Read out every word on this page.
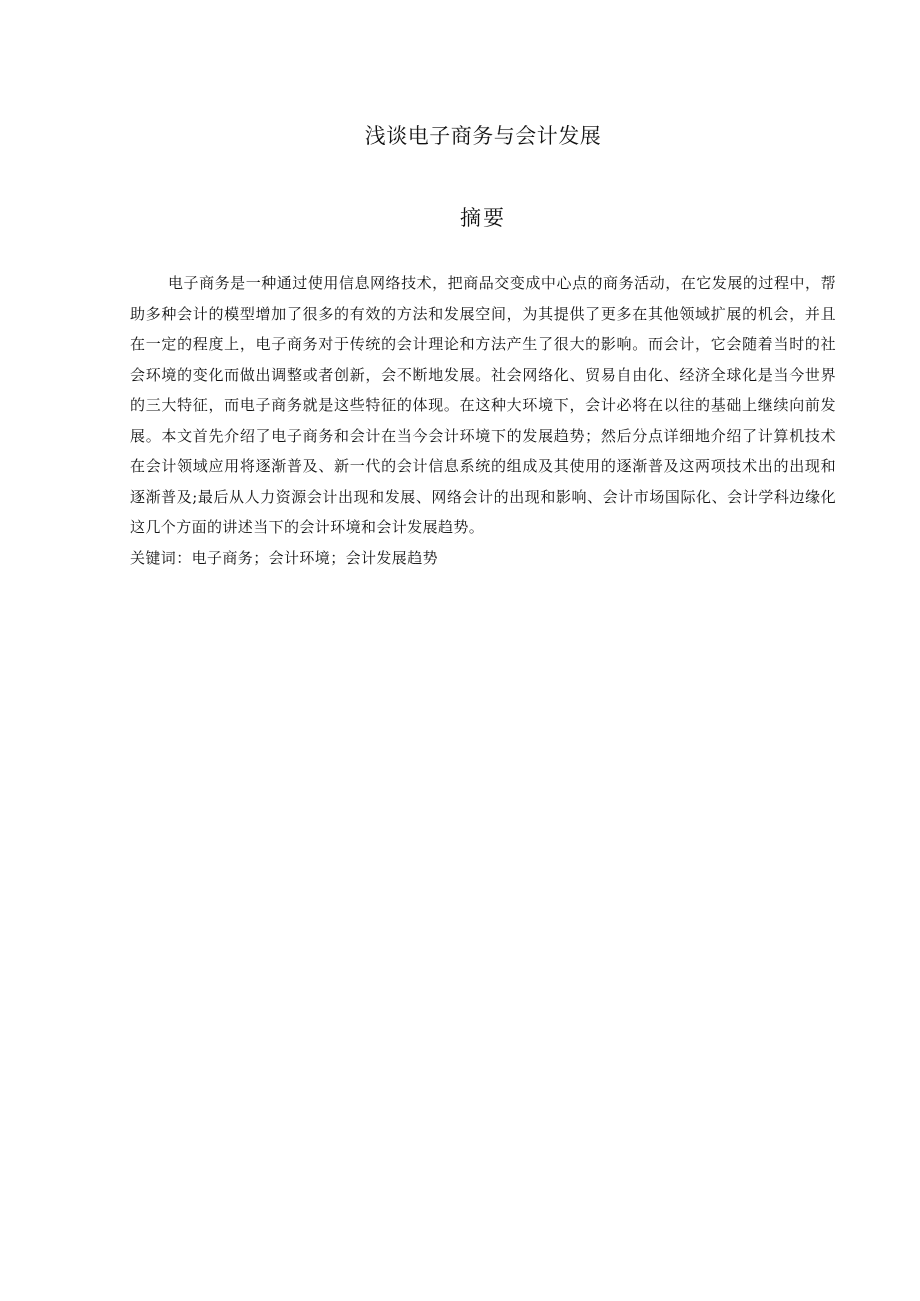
浅谈电子商务与会计发展
摘要

电子商务是一种通过使用信息网络技术，把商品交变成中心点的商务活动，在它发展的过程中，帮助多种会计的模型增加了很多的有效的方法和发展空间，为其提供了更多在其他领域扩展的机会，并且在一定的程度上，电子商务对于传统的会计理论和方法产生了很大的影响。而会计，它会随着当时的社会环境的变化而做出调整或者创新，会不断地发展。社会网络化、贸易自由化、经济全球化是当今世界的三大特征，而电子商务就是这些特征的体现。在这种大环境下，会计必将在以往的基础上继续向前发展。本文首先介绍了电子商务和会计在当今会计环境下的发展趋势；然后分点详细地介绍了计算机技术在会计领域应用将逐渐普及、新一代的会计信息系统的组成及其使用的逐渐普及这两项技术出的出现和逐渐普及;最后从人力资源会计出现和发展、网络会计的出现和影响、会计市场国际化、会计学科边缘化这几个方面的讲述当下的会计环境和会计发展趋势。

关键词：电子商务；会计环境；会计发展趋势
